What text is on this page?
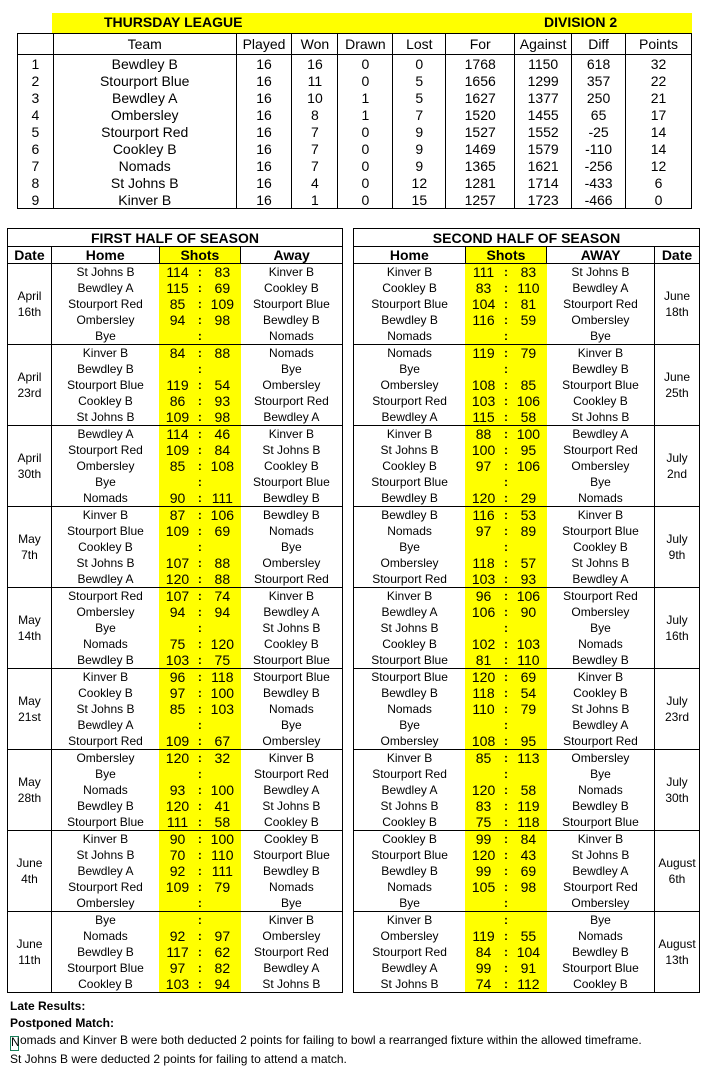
THURSDAY LEAGUE	DIVISION 2
	Team	Played	Won	Drawn	Lost	For	Against	Diff	Points
1	Bewdley B	16	16	0	0	1768	1150	618	32
2	Stourport Blue	16	11	0	5	1656	1299	357	22
3	Bewdley A	16	10	1	5	1627	1377	250	21
4	Ombersley	16	8	1	7	1520	1455	65	17
5	Stourport Red	16	7	0	9	1527	1552	-25	14
6	Cookley B	16	7	0	9	1469	1579	-110	14
7	Nomads	16	7	0	9	1365	1621	-256	12
8	St Johns B	16	4	0	12	1281	1714	-433	6
9	Kinver B	16	1	0	15	1257	1723	-466	0
FIRST HALF OF SEASON					
Date	Home	Shots			Away

April
16th	St Johns B	114	:	83	Kinver B
	Bewdley A	115	:	69	Cookley B
	Stourport Red	85	:	109	Stourport Blue
	Ombersley	94	:	98	Bewdley B
	Bye		:		Nomads

April
23rd	Kinver B	84	:	88	Nomads
	Bewdley B		:		Bye
	Stourport Blue	119	:	54	Ombersley
	Cookley B	86	:	93	Stourport Red
	St Johns B	109	:	98	Bewdley A

April
30th	Bewdley A	114	:	46	Kinver B
	Stourport Red	109	:	84	St Johns B
	Ombersley	85	:	108	Cookley B
	Bye		:		Stourport Blue
	Nomads	90	:	111	Bewdley B

May
7th	Kinver B	87	:	106	Bewdley B
	Stourport Blue	109	:	69	Nomads
	Cookley B		:		Bye
	St Johns B	107	:	88	Ombersley
	Bewdley A	120	:	88	Stourport Red

May
14th	Stourport Red	107	:	74	Kinver B
	Ombersley	94	:	94	Bewdley A
	Bye		:		St Johns B
	Nomads	75	:	120	Cookley B
	Bewdley B	103	:	75	Stourport Blue

May
21st	Kinver B	96	:	118	Stourport Blue
	Cookley B	97	:	100	Bewdley B
	St Johns B	85	:	103	Nomads
	Bewdley A		:		Bye
	Stourport Red	109	:	67	Ombersley

May
28th	Ombersley	120	:	32	Kinver B
	Bye		:		Stourport Red
	Nomads	93	:	100	Bewdley A
	Bewdley B	120	:	41	St Johns B
	Stourport Blue	111	:	58	Cookley B

June
4th	Kinver B	90	:	100	Cookley B
	St Johns B	70	:	110	Stourport Blue
	Bewdley A	92	:	111	Bewdley B
	Stourport Red	109	:	79	Nomads
	Ombersley		:		Bye

June
11th	Bye		:		Kinver B
	Nomads	92	:	97	Ombersley
	Bewdley B	117	:	62	Stourport Red
	Stourport Blue	97	:	82	Bewdley A
	Cookley B	103	:	94	St Johns B
SECOND HALF OF SEASON					
Home	Shots			AWAY	Date
Kinver B	111	:	83	St Johns B	June
18th

Cookley B	83	:	110	Bewdley A	
Stourport Blue	104	:	81	Stourport Red	
Bewdley B	116	:	59	Ombersley	
Nomads		:		Bye	
Nomads	119	:	79	Kinver B	June
25th

Bye		:		Bewdley B	
Ombersley	108	:	85	Stourport Blue	
Stourport Red	103	:	106	Cookley B	
Bewdley A	115	:	58	St Johns B	
Kinver B	88	:	100	Bewdley A	July
2nd

St Johns B	100	:	95	Stourport Red	
Cookley B	97	:	106	Ombersley	
Stourport Blue		:		Bye	
Bewdley B	120	:	29	Nomads	
Bewdley B	116	:	53	Kinver B	July
9th

Nomads	97	:	89	Stourport Blue	
Bye		:		Cookley B	
Ombersley	118	:	57	St Johns B	
Stourport Red	103	:	93	Bewdley A	
Kinver B	96	:	106	Stourport Red	July
16th

Bewdley A	106	:	90	Ombersley	
St Johns B		:		Bye	
Cookley B	102	:	103	Nomads	
Stourport Blue	81	:	110	Bewdley B	
Stourport Blue	120	:	69	Kinver B	July
23rd

Bewdley B	118	:	54	Cookley B	
Nomads	110	:	79	St Johns B	
Bye		:		Bewdley A	
Ombersley	108	:	95	Stourport Red	
Kinver B	85	:	113	Ombersley	July
30th

Stourport Red		:		Bye	
Bewdley A	120	:	58	Nomads	
St Johns B	83	:	119	Bewdley B	
Cookley B	75	:	118	Stourport Blue	
Cookley B	99	:	84	Kinver B	August
6th

Stourport Blue	120	:	43	St Johns B	
Bewdley B	99	:	69	Bewdley A	
Nomads	105	:	98	Stourport Red	
Bye		:		Ombersley	
Kinver B		:		Bye	August
13th

Ombersley	119	:	55	Nomads	
Stourport Red	84	:	104	Bewdley B	
Bewdley A	99	:	91	Stourport Blue	
St Johns B	74	:	112	Cookley B	
Late Results:
Postponed Match:
N omads and Kinver B were both deducted 2 points for failing to bowl a rearranged fixture within the allowed timeframe.
St Johns B were deducted 2 points for failing to attend a match.
